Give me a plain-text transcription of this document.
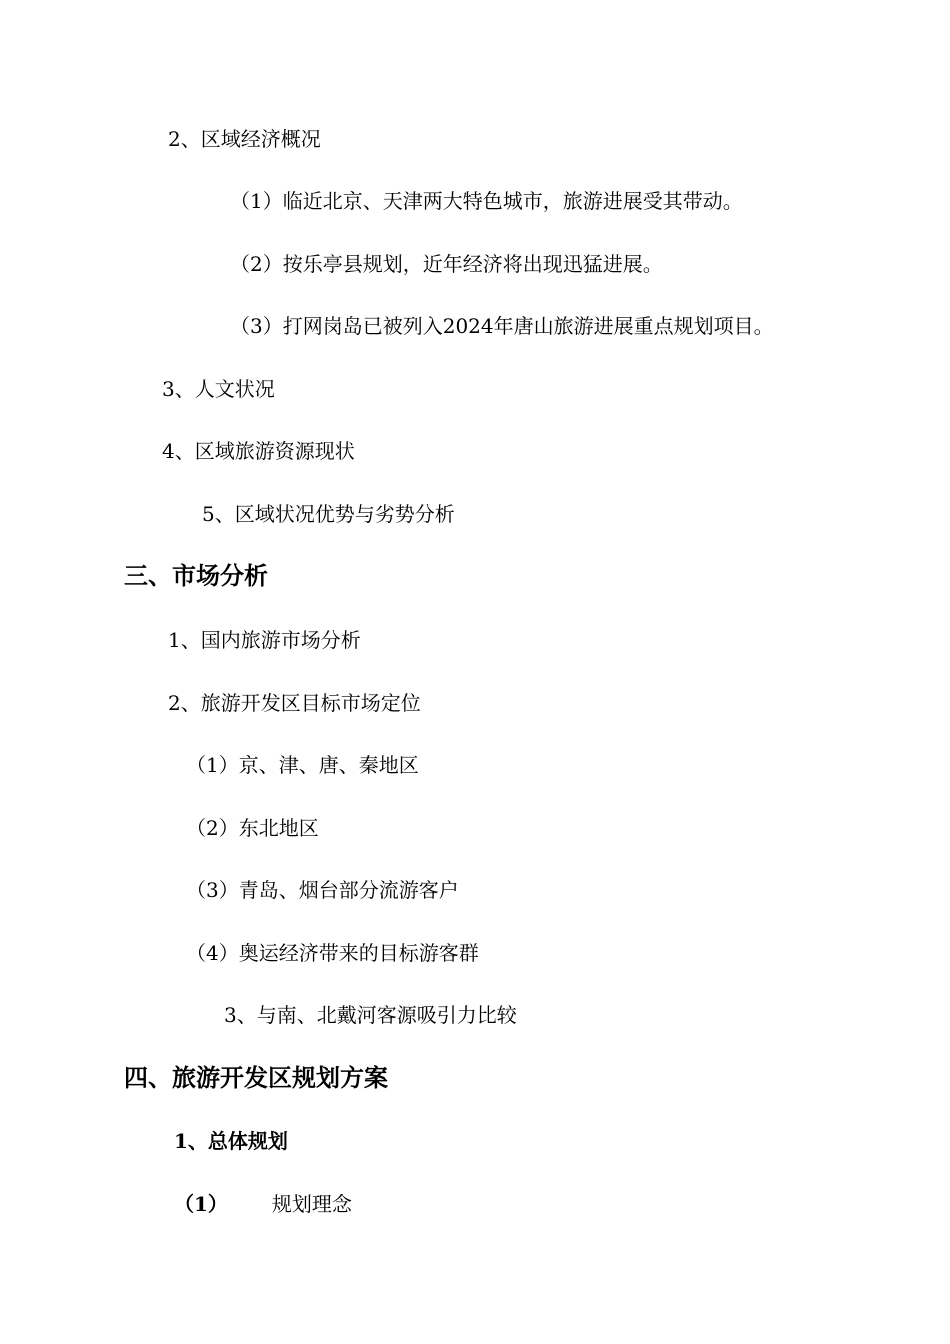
2、区域经济概况
（1）临近北京、天津两大特色城市，旅游进展受其带动。
（2）按乐亭县规划，近年经济将出现迅猛进展。
（3）打网岗岛已被列入2024年唐山旅游进展重点规划项目。
3、人文状况
4、区域旅游资源现状
5、区域状况优势与劣势分析
三、市场分析
1、国内旅游市场分析
2、旅游开发区目标市场定位
（1）京、津、唐、秦地区
（2）东北地区
（3）青岛、烟台部分流游客户
（4）奥运经济带来的目标游客群
3、与南、北戴河客源吸引力比较
四、旅游开发区规划方案
1、总体规划
（1） 规划理念
